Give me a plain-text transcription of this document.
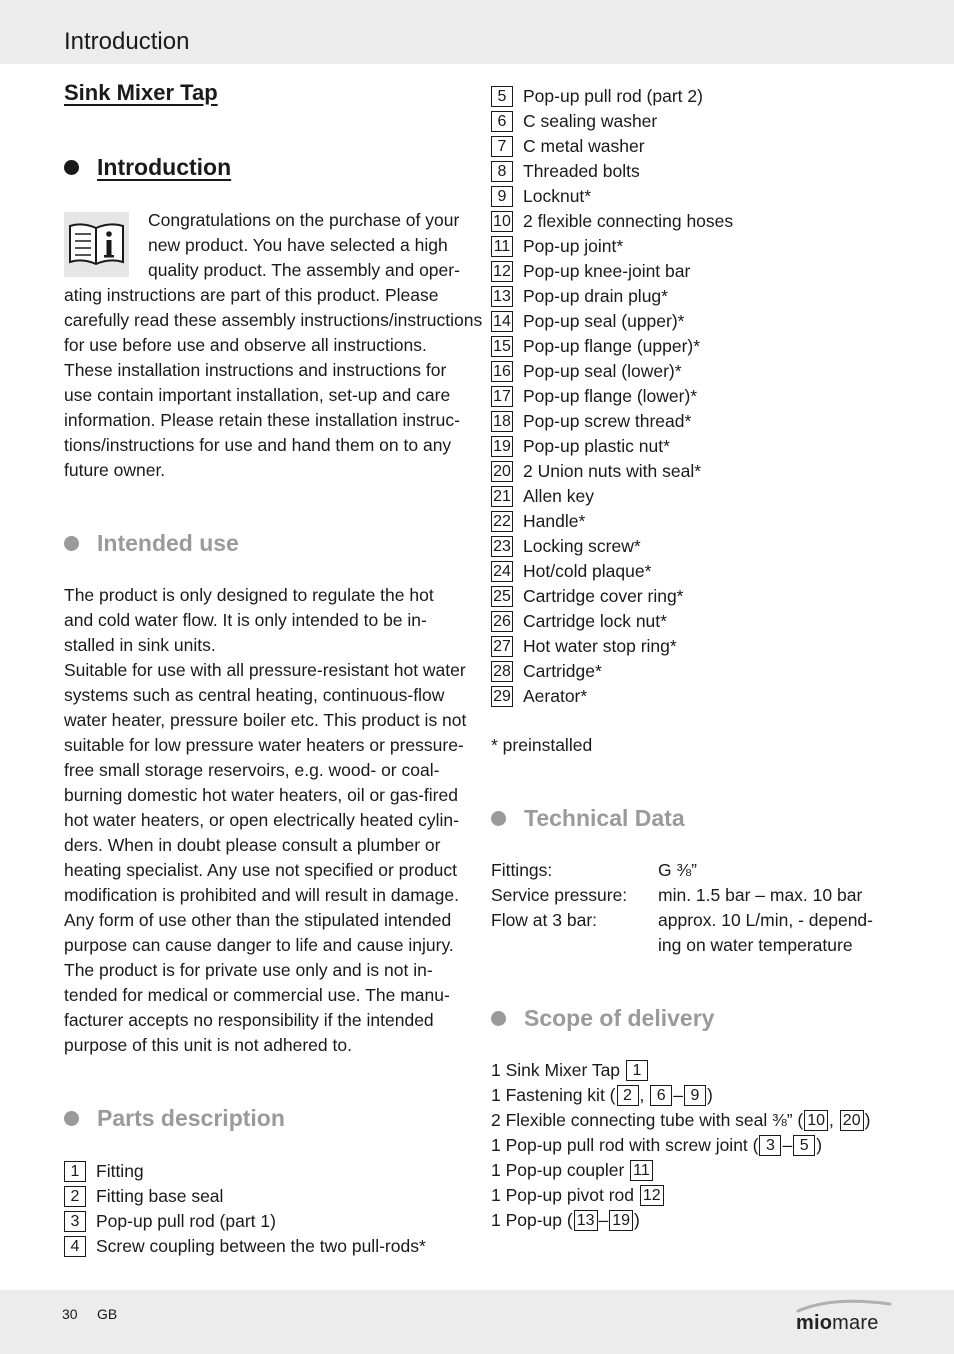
Introduction
Sink Mixer Tap
Introduction
Congratulations on the purchase of your
new product. You have selected a high
quality product. The assembly and oper-
ating instructions are part of this product. Please
carefully read these assembly instructions/instructions
for use before use and observe all instructions.
These installation instructions and instructions for
use contain important installation, set-up and care
information. Please retain these installation instruc-
tions/instructions for use and hand them on to any
future owner.
Intended use
The product is only designed to regulate the hot
and cold water flow. It is only intended to be in-
stalled in sink units.
Suitable for use with all pressure-resistant hot water
systems such as central heating, continuous-flow
water heater, pressure boiler etc. This product is not
suitable for low pressure water heaters or pressure-
free small storage reservoirs, e.g. wood- or coal-
burning domestic hot water heaters, oil or gas-fired
hot water heaters, or open electrically heated cylin-
ders. When in doubt please consult a plumber or
heating specialist. Any use not specified or product
modification is prohibited and will result in damage.
Any form of use other than the stipulated intended
purpose can cause danger to life and cause injury.
The product is for private use only and is not in-
tended for medical or commercial use. The manu-
facturer accepts no responsibility if the intended
purpose of this unit is not adhered to.
Parts description
1 Fitting
2 Fitting base seal
3 Pop-up pull rod (part 1)
4 Screw coupling between the two pull-rods*
5 Pop-up pull rod (part 2)
6 C sealing washer
7 C metal washer
8 Threaded bolts
9 Locknut*
10 2 flexible connecting hoses
11 Pop-up joint*
12 Pop-up knee-joint bar
13 Pop-up drain plug*
14 Pop-up seal (upper)*
15 Pop-up flange (upper)*
16 Pop-up seal (lower)*
17 Pop-up flange (lower)*
18 Pop-up screw thread*
19 Pop-up plastic nut*
20 2 Union nuts with seal*
21 Allen key
22 Handle*
23 Locking screw*
24 Hot/cold plaque*
25 Cartridge cover ring*
26 Cartridge lock nut*
27 Hot water stop ring*
28 Cartridge*
29 Aerator*
* preinstalled
Technical Data
Fittings:	G ⅜”
Service pressure:	min. 1.5 bar – max. 10 bar
Flow at 3 bar:	approx. 10 L/min, - depend-
ing on water temperature
Scope of delivery
1 Sink Mixer Tap
1
1 Fastening kit ( 2 ,
6 – 9 )
2 Flexible connecting tube with seal ⅜” ( 10 ,
20 )
1 Pop-up pull rod with screw joint ( 3 – 5 )
1 Pop-up coupler
11
1 Pop-up pivot rod
12
1 Pop-up ( 13 – 19 )
30 GB	miomare
